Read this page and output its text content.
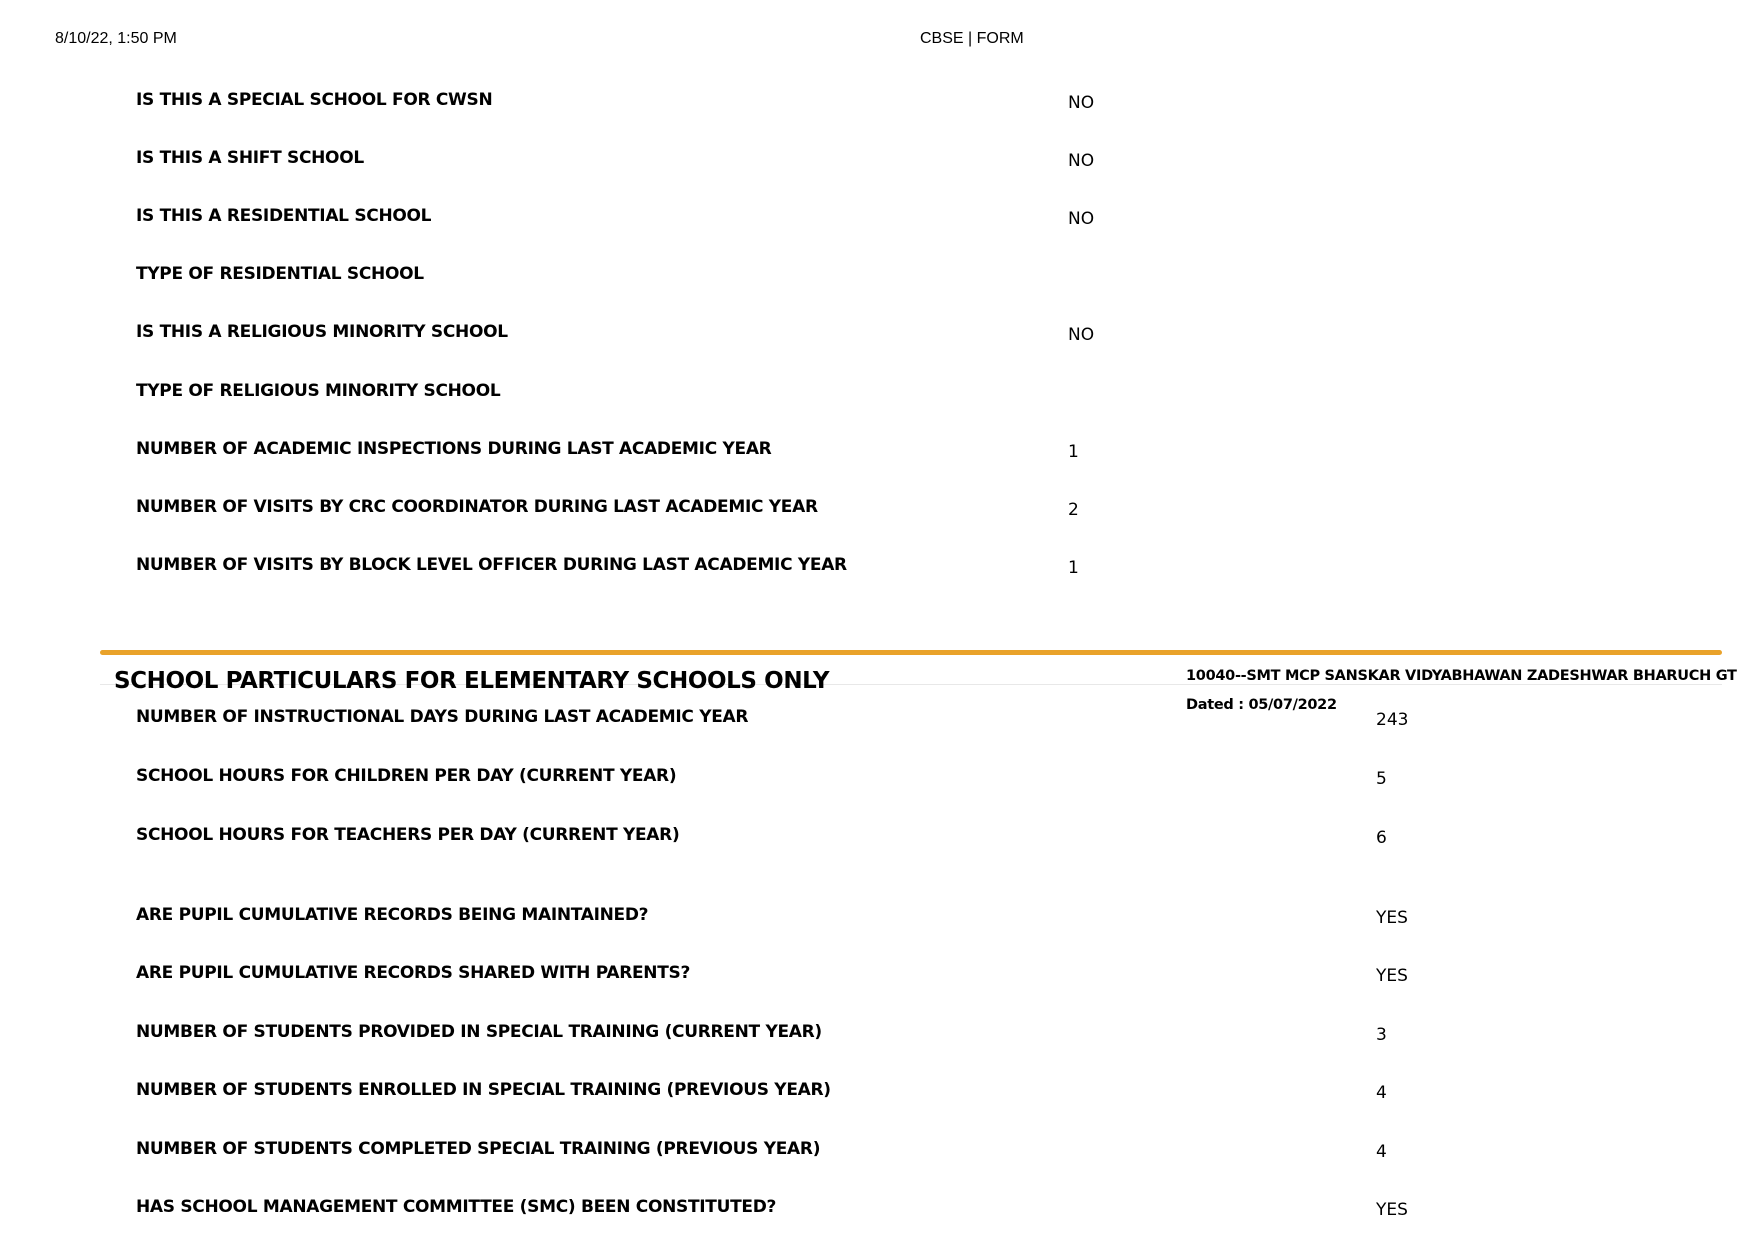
8/10/22, 1:50 PM	CBSE | FORM
IS THIS A SPECIAL SCHOOL FOR CWSN	NO
IS THIS A SHIFT SCHOOL	NO
IS THIS A RESIDENTIAL SCHOOL	NO
TYPE OF RESIDENTIAL SCHOOL
IS THIS A RELIGIOUS MINORITY SCHOOL	NO
TYPE OF RELIGIOUS MINORITY SCHOOL
NUMBER OF ACADEMIC INSPECTIONS DURING LAST ACADEMIC YEAR	1
NUMBER OF VISITS BY CRC COORDINATOR DURING LAST ACADEMIC YEAR	2
NUMBER OF VISITS BY BLOCK LEVEL OFFICER DURING LAST ACADEMIC YEAR	1
SCHOOL PARTICULARS FOR ELEMENTARY SCHOOLS ONLY	10040--SMT MCP SANSKAR VIDYABHAWAN ZADESHWAR BHARUCH GT
Dated : 05/07/2022
NUMBER OF INSTRUCTIONAL DAYS DURING LAST ACADEMIC YEAR	243
SCHOOL HOURS FOR CHILDREN PER DAY (CURRENT YEAR)	5
SCHOOL HOURS FOR TEACHERS PER DAY (CURRENT YEAR)	6
ARE PUPIL CUMULATIVE RECORDS BEING MAINTAINED?	YES
ARE PUPIL CUMULATIVE RECORDS SHARED WITH PARENTS?	YES
NUMBER OF STUDENTS PROVIDED IN SPECIAL TRAINING (CURRENT YEAR)	3
NUMBER OF STUDENTS ENROLLED IN SPECIAL TRAINING (PREVIOUS YEAR)	4
NUMBER OF STUDENTS COMPLETED SPECIAL TRAINING (PREVIOUS YEAR)	4
HAS SCHOOL MANAGEMENT COMMITTEE (SMC) BEEN CONSTITUTED?	YES
